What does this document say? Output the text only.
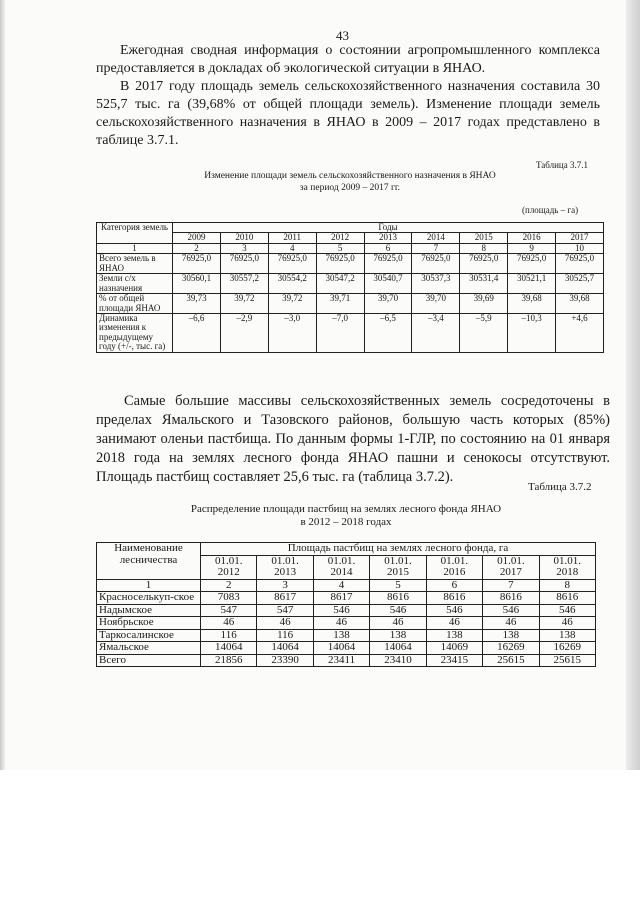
43
Ежегодная сводная информация о состоянии агропромышленного комплекса предоставляется в докладах об экологической ситуации в ЯНАО.
В 2017 году площадь земель сельскохозяйственного назначения составила 30 525,7 тыс. га (39,68% от общей площади земель). Изменение площади земель сельскохозяйственного назначения в ЯНАО в 2009 – 2017 годах представлено в таблице 3.7.1.
Таблица 3.7.1
Изменение площади земель сельскохозяйственного назначения в ЯНАО
за период 2009 – 2017 гг.
(площадь – га)
Категория земель	Годы								
	2009	2010	2011	2012	2013	2014	2015	2016	2017
1	2	3	4	5	6	7	8	9	10
Всего земель в ЯНАО	76925,0	76925,0	76925,0	76925,0	76925,0	76925,0	76925,0	76925,0	76925,0
Земли с/х назначения	30560,1	30557,2	30554,2	30547,2	30540,7	30537,3	30531,4	30521,1	30525,7
% от общей площади ЯНАО	39,73	39,72	39,72	39,71	39,70	39,70	39,69	39,68	39,68
Динамика изменения к предыдущему году (+/-, тыс. га)	–6,6	–2,9	–3,0	–7,0	–6,5	–3,4	–5,9	–10,3	+4,6
Самые большие массивы сельскохозяйственных земель сосредоточены в пределах Ямальского и Тазовского районов, большую часть которых (85%) занимают оленьи пастбища. По данным формы 1-ГЛР, по состоянию на 01 января 2018 года на землях лесного фонда ЯНАО пашни и сенокосы отсутствуют. Площадь пастбищ составляет 25,6 тыс. га (таблица 3.7.2).
Таблица 3.7.2
Распределение площади пастбищ на землях лесного фонда ЯНАО
в 2012 – 2018 годах
Наименование лесничества	Площадь пастбищ на землях лесного фонда, га						
	01.01. 2012	01.01. 2013	01.01. 2014	01.01. 2015	01.01. 2016	01.01. 2017	01.01. 2018
1	2	3	4	5	6	7	8
Красноселькуп-ское	7083	8617	8617	8616	8616	8616	8616
Надымское	547	547	546	546	546	546	546
Ноябрьское	46	46	46	46	46	46	46
Таркосалинское	116	116	138	138	138	138	138
Ямальское	14064	14064	14064	14064	14069	16269	16269
Всего	21856	23390	23411	23410	23415	25615	25615
